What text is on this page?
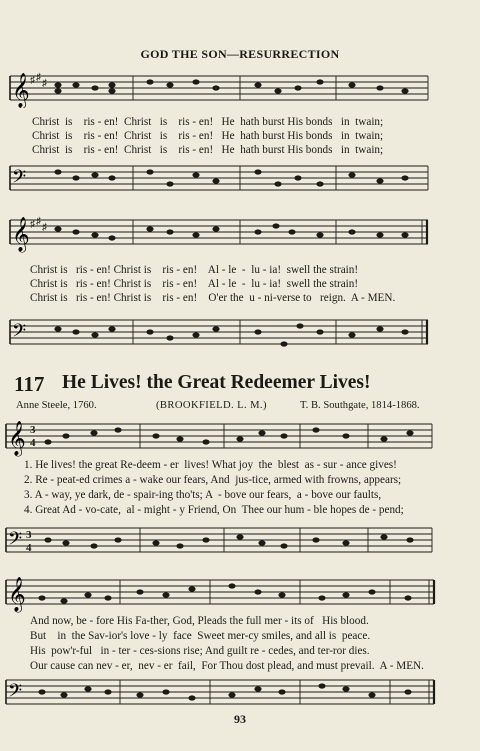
GOD THE SON—RESURRECTION
𝄞 ♯ ♯
♯
Christ  is    ris - en!  Christ   is    ris - en!   He  hath burst His bonds   in  twain;
Christ  is    ris - en!  Christ   is    ris - en!   He  hath burst His bonds   in  twain;
Christ  is    ris - en!  Christ   is    ris - en!   He  hath burst His bonds   in  twain;
𝄢
𝄞 ♯ ♯
♯
Christ is   ris - en! Christ is    ris - en!    Al - le  -  lu - ia!  swell the strain!
Christ is   ris - en! Christ is    ris - en!    Al - le  -  lu - ia!  swell the strain!
Christ is   ris - en! Christ is    ris - en!    O'er the  u - ni-verse to   reign.  A - MEN.
𝄢
117 He Lives! the Great Redeemer Lives!
Anne Steele, 1760.	(BROOKFIELD. L. M.)	T. B. Southgate, 1814-1868.
𝄞 3
4
1. He lives! the great Re-deem - er  lives! What joy  the  blest  as - sur - ance gives!
2. Re - peat-ed crimes a - wake our fears, And  jus-tice, armed with frowns, appears;
3. A - way, ye dark, de - spair-ing tho'ts; A  - bove our fears,  a - bove our faults,
4. Great Ad - vo-cate,  al - might - y Friend, On  Thee our hum - ble hopes de - pend;
𝄢 3
4
𝄞
And now, be - fore His Fa-ther, God, Pleads the full mer - its of   His blood.
But    in  the Sav-ior's love - ly  face  Sweet mer-cy smiles, and all is  peace.
His  pow'r-ful   in - ter - ces-sions rise; And guilt re - cedes, and ter-ror dies.
Our cause can nev - er,  nev - er  fail,  For Thou dost plead, and must prevail.  A - MEN.
𝄢
93
